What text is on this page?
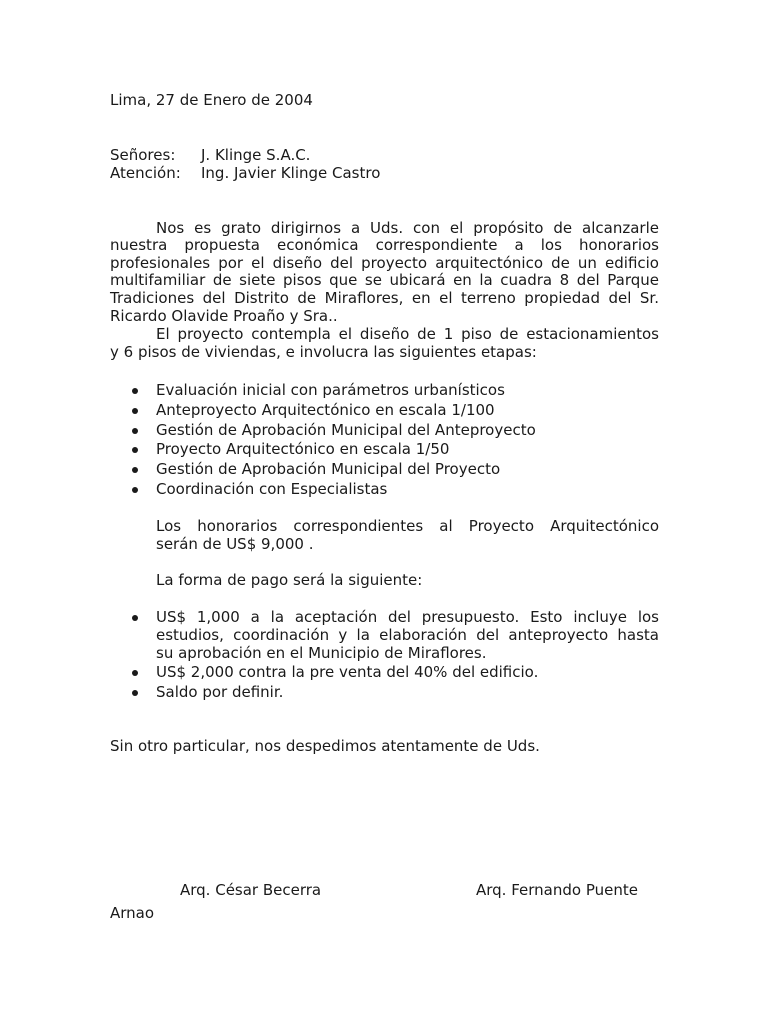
Lima, 27 de Enero de 2004
Señores: J. Klinge S.A.C.
Atención: Ing. Javier Klinge Castro
Nos es grato dirigirnos a Uds. con el propósito de alcanzarle
nuestra propuesta económica correspondiente a los honorarios
profesionales por el diseño del proyecto arquitectónico de un edificio
multifamiliar de siete pisos que se ubicará en la cuadra 8 del Parque
Tradiciones del Distrito de Miraflores, en el terreno propiedad del Sr.
Ricardo Olavide Proaño y Sra..
El proyecto contempla el diseño de 1 piso de estacionamientos
y 6 pisos de viviendas, e involucra las siguientes etapas:
Evaluación inicial con parámetros urbanísticos
Anteproyecto Arquitectónico en escala 1/100
Gestión de Aprobación Municipal del Anteproyecto
Proyecto Arquitectónico en escala 1/50
Gestión de Aprobación Municipal del Proyecto
Coordinación con Especialistas
Los honorarios correspondientes al Proyecto Arquitectónico
serán de US$ 9,000 .
La forma de pago será la siguiente:
US$ 1,000 a la aceptación del presupuesto. Esto incluye los
estudios, coordinación y la elaboración del anteproyecto hasta
su aprobación en el Municipio de Miraflores.
US$ 2,000 contra la pre venta del 40% del edificio.
Saldo por definir.
Sin otro particular, nos despedimos atentamente de Uds.
Arq. César Becerra	Arq. Fernando Puente
Arnao
